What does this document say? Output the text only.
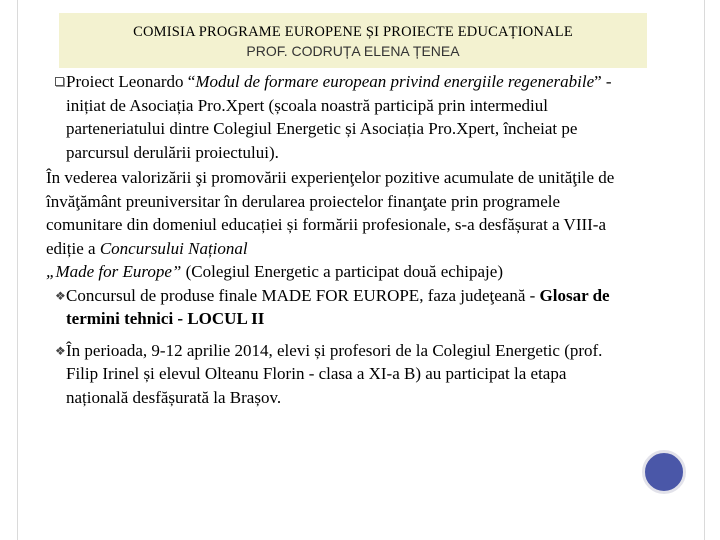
COMISIA PROGRAME EUROPENE ȘI PROIECTE EDUCAȚIONALE
PROF. CODRUȚA ELENA ȚENEA
Proiect Leonardo “Modul de formare european privind energiile regenerabile” - inițiat de Asociația Pro.Xpert (școala noastră participă prin intermediul parteneriatului dintre Colegiul Energetic și Asociația Pro.Xpert, încheiat pe parcursul derulării proiectului).
În vederea valorizării şi promovării experienţelor pozitive acumulate de unităţile de învăţământ preuniversitar în derularea proiectelor finanţate prin programele comunitare din domeniul educației și formării profesionale, s-a desfășurat a VIII-a ediție a Concursului Național
„Made for Europe” (Colegiul Energetic a participat două echipaje)
❖ Concursul de produse finale MADE FOR EUROPE, faza judeţeană - Glosar de termini tehnici - LOCUL II
❖ În perioada, 9-12 aprilie 2014, elevi și profesori de la Colegiul Energetic (prof. Filip Irinel și elevul Olteanu Florin - clasa a XI-a B) au participat la etapa națională desfășurată la Brașov.
